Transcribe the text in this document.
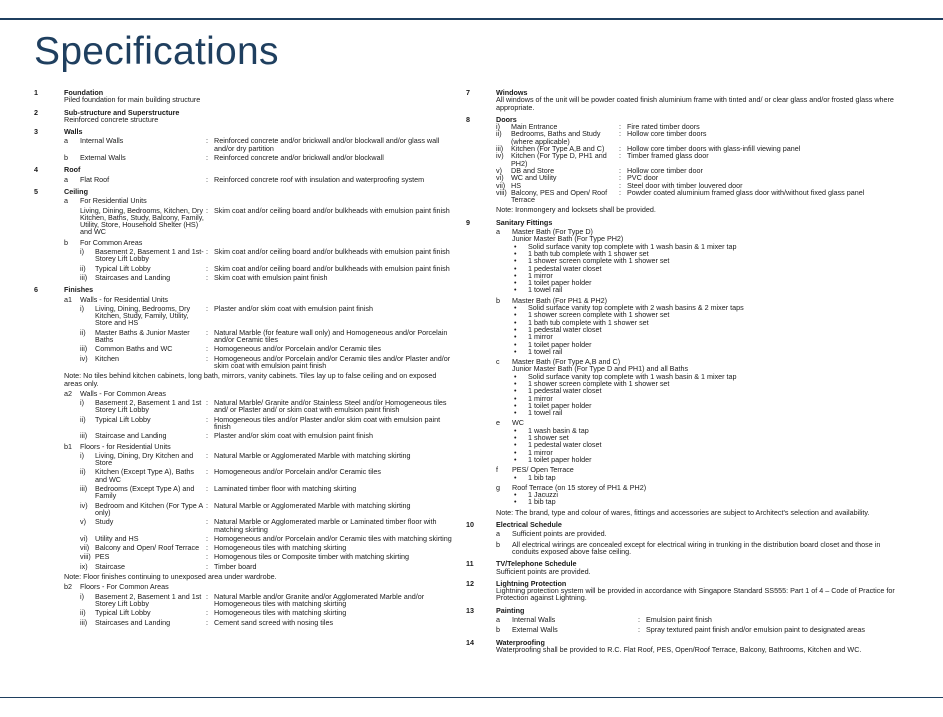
Specifications
1	Foundation
Piled foundation for main building structure
2	Sub-structure and Superstructure
Reinforced concrete structure
3	Walls
a	Internal Walls	: Reinforced concrete and/or brickwall and/or blockwall and/or glass wall and/or dry partition
b	External Walls	: Reinforced concrete and/or brickwall and/or blockwall
4	Roof
a	Flat Roof	: Reinforced concrete roof with insulation and waterproofing system
5	Ceiling
a	For Residential Units
Living, Dining, Bedrooms, Kitchen, Dry Kitchen, Baths, Study, Balcony, Family, Utility, Store, Household Shelter (HS) and WC
: Skim coat and/or ceiling board and/or bulkheads with emulsion paint finish
b	For Common Areas
i)	Basement 2, Basement 1 and 1st- Storey Lift Lobby
: Skim coat and/or ceiling board and/or bulkheads with emulsion paint finish
ii)	Typical Lift Lobby	: Skim coat and/or ceiling board and/or bulkheads with emulsion paint finish
iii)	Staircases and Landing	: Skim coat with emulsion paint finish
6	Finishes
a1	Walls - for Residential Units
i)	Living, Dining, Bedrooms, Dry Kitchen, Study, Family, Utility, Store and HS
: Plaster and/or skim coat with emulsion paint finish
ii)	Master Baths & Junior Master Baths
: Natural Marble (for feature wall only) and Homogeneous and/or Porcelain and/or Ceramic tiles
iii)	Common Baths and WC	: Homogeneous and/or Porcelain and/or Ceramic tiles
iv)	Kitchen	: Homogeneous and/or Porcelain and/or Ceramic tiles and/or Plaster and/or skim coat with emulsion paint finish
Note: No tiles behind kitchen cabinets, long bath, mirrors, vanity cabinets. Tiles lay up to false ceiling and on exposed areas only.
a2	Walls - For Common Areas
i)	Basement 2, Basement 1 and 1st Storey Lift Lobby
: Natural Marble/ Granite and/or Stainless Steel and/or Homogeneous tiles and/ or Plaster and/ or skim coat with emulsion paint finish
ii)	Typical Lift Lobby	: Homogeneous tiles and/or Plaster and/or skim coat with emulsion paint finish
iii)	Staircase and Landing	: Plaster and/or skim coat with emulsion paint finish
b1	Floors - for Residential Units
i)	Living, Dining, Dry Kitchen and Store
: Natural Marble or Agglomerated Marble with matching skirting
ii)	Kitchen (Except Type A), Baths and WC
: Homogeneous and/or Porcelain and/or Ceramic tiles
iii)	Bedrooms (Except Type A) and Family
: Laminated timber floor with matching skirting
iv)	Bedroom and Kitchen (For Type A only)
: Natural Marble or Agglomerated Marble with matching skirting
v)	Study	: Natural Marble or Agglomerated marble or Laminated timber floor with matching skirting
vi)	Utility and HS	: Homogeneous and/or Porcelain and/or Ceramic tiles with matching skirting
vii) Balcony and Open/ Roof Terrace : Homogeneous tiles with matching skirting
viii) PES	: Homogenous tiles or Composite timber with matching skirting
ix)	Staircase	: Timber board
Note: Floor finishes continuing to unexposed area under wardrobe.
b2	Floors - For Common Areas
i)	Basement 2, Basement 1 and 1st Storey Lift Lobby
: Natural Marble and/or Granite and/or Agglomerated Marble and/or Homogeneous tiles with matching skirting
ii)	Typical Lift Lobby	: Homogeneous tiles with matching skirting
iii)	Staircases and Landing	: Cement sand screed with nosing tiles
7	Windows
All windows of the unit will be powder coated finish aluminium frame with tinted and/ or clear glass and/or frosted glass where appropriate.
8	Doors
i)	Main Entrance	: Fire rated timber doors
ii)	Bedrooms, Baths and Study (where applicable)
: Hollow core timber doors
iii)	Kitchen (For Type A,B and C)	: Hollow core timber doors with glass-infill viewing panel
iv)	Kitchen (For Type D, PH1 and PH2)
: Timber framed glass door
v)	DB and Store	: Hollow core timber door
vi)	WC and Utility	: PVC door
vii) HS	: Steel door with timber louvered door
viii) Balcony, PES and Open/ Roof Terrace
: Powder coated aluminium framed glass door with/without fixed glass panel
Note: Ironmongery and locksets shall be provided.
9	Sanitary Fittings
a	Master Bath (For Type D)
Junior Master Bath (For Type PH2)
•	Solid surface vanity top complete with 1 wash basin & 1 mixer tap
•	1 bath tub complete with 1 shower set
•	1 shower screen complete with 1 shower set
•	1 pedestal water closet
•	1 mirror
•	1 toilet paper holder
•	1 towel rail
b	Master Bath (For PH1 & PH2)
•	Solid surface vanity top complete with 2 wash basins & 2 mixer taps
•	1 shower screen complete with 1 shower set
•	1 bath tub complete with 1 shower set
•	1 pedestal water closet
•	1 mirror
•	1 toilet paper holder
•	1 towel rail
c	Master Bath (For Type A,B and C)
Junior Master Bath (For Type D and PH1) and all Baths
•	Solid surface vanity top complete with 1 wash basin & 1 mixer tap
•	1 shower screen complete with 1 shower set
•	1 pedestal water closet
•	1 mirror
•	1 toilet paper holder
•	1 towel rail
e	WC
•	1 wash basin & tap
•	1 shower set
•	1 pedestal water closet
•	1 mirror
•	1 toilet paper holder
f	PES/ Open Terrace
•	1 bib tap
g	Roof Terrace (on 15 storey of PH1 & PH2)
•	1 Jacuzzi
•	1 bib tap
Note: The brand, type and colour of wares, fittings and accessories are subject to Architect's selection and availability.
10	Electrical Schedule
a	Sufficient points are provided.
b	All electrical wirings are concealed except for electrical wiring in trunking in the distribution board closet and those in conduits exposed above false ceiling.
11	TV/Telephone Schedule
Sufficient points are provided.
12	Lightning Protection
Lightning protection system will be provided in accordance with Singapore Standard SS555: Part 1 of 4 – Code of Practice for Protection against Lightning.
13	Painting
a	Internal Walls	: Emulsion paint finish
b	External Walls	: Spray textured paint finish and/or emulsion paint to designated areas
14	Waterproofing
Waterproofing shall be provided to R.C. Flat Roof, PES, Open/Roof Terrace, Balcony, Bathrooms, Kitchen and WC.
